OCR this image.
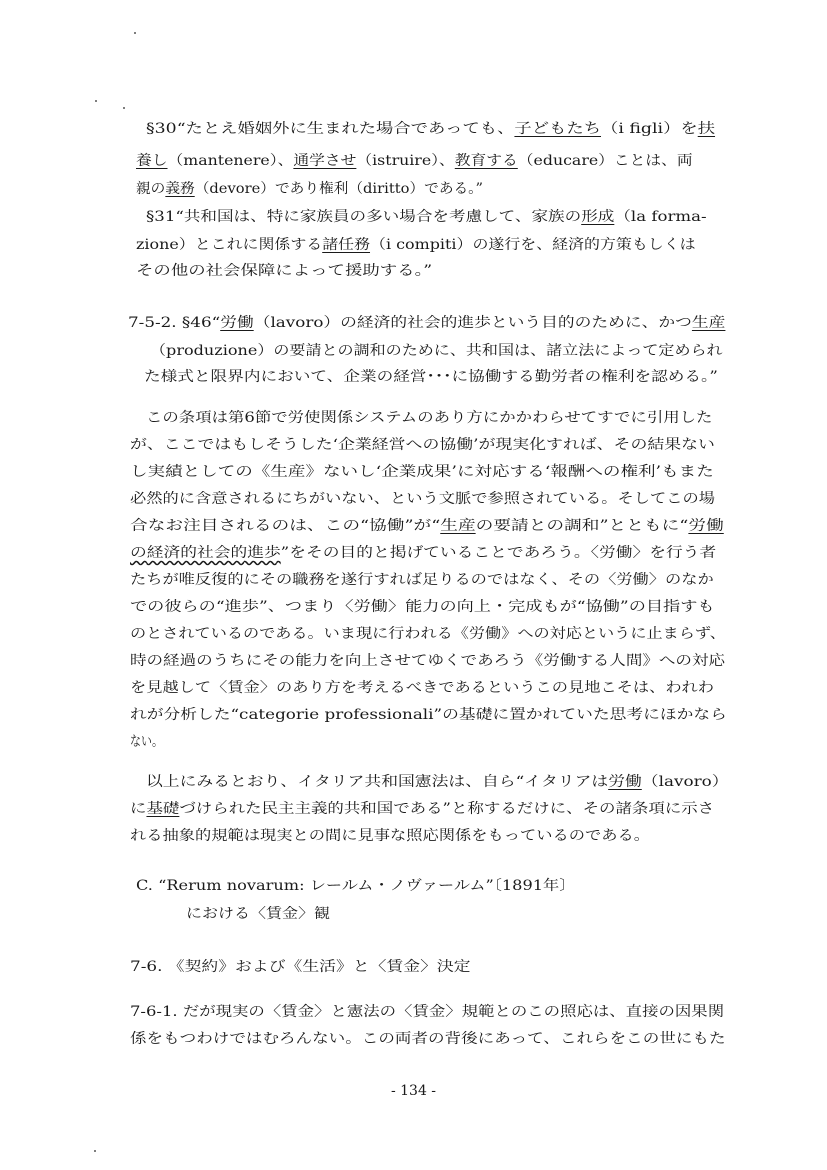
§30“たとえ婚姻外に生まれた場合であっても、子どもたち（i figli）を扶
養し（mantenere）、通学させ（istruire）、教育する（educare）ことは、両
親の義務（devore）であり権利（diritto）である。”
§31“共和国は、特に家族員の多い場合を考慮して、家族の形成（la forma-
zione）とこれに関係する諸任務（i compiti）の遂行を、経済的方策もしくは
その他の社会保障によって援助する。”
7-5-2. §46“労働（lavoro）の経済的社会的進歩という目的のために、かつ生産
（produzione）の要請との調和のために、共和国は、諸立法によって定められ
た様式と限界内において、企業の経営･･･に協働する勤労者の権利を認める。”
この条項は第6節で労使関係システムのあり方にかかわらせてすでに引用した
が、ここではもしそうした‘企業経営への協働’が現実化すれば、その結果ない
し実績としての《生産》ないし‘企業成果’に対応する‘報酬への権利’もまた
必然的に含意されるにちがいない、という文脈で参照されている。そしてこの場
合なお注目されるのは、この“協働”が“生産の要請との調和”とともに“労働
の経済的社会的進歩”をその目的と掲げていることであろう。〈労働〉を行う者
たちが唯反復的にその職務を遂行すれば足りるのではなく、その〈労働〉のなか
での彼らの“進歩”、つまり〈労働〉能力の向上・完成もが“協働”の目指すも
のとされているのである。いま現に行われる《労働》への対応というに止まらず、
時の経過のうちにその能力を向上させてゆくであろう《労働する人間》への対応
を見越して〈賃金〉のあり方を考えるべきであるというこの見地こそは、われわ
れが分析した“categorie professionali”の基礎に置かれていた思考にほかなら
ない。
以上にみるとおり、イタリア共和国憲法は、自ら“イタリアは労働（lavoro）
に基礎づけられた民主主義的共和国である”と称するだけに、その諸条項に示さ
れる抽象的規範は現実との間に見事な照応関係をもっているのである。
C. “Rerum novarum: レールム・ノヴァールム”〔1891年〕
における〈賃金〉観
7-6. 《契約》および《生活》と〈賃金〉決定
7-6-1. だが現実の〈賃金〉と憲法の〈賃金〉規範とのこの照応は、直接の因果関
係をもつわけではむろんない。この両者の背後にあって、これらをこの世にもた
- 134 -
